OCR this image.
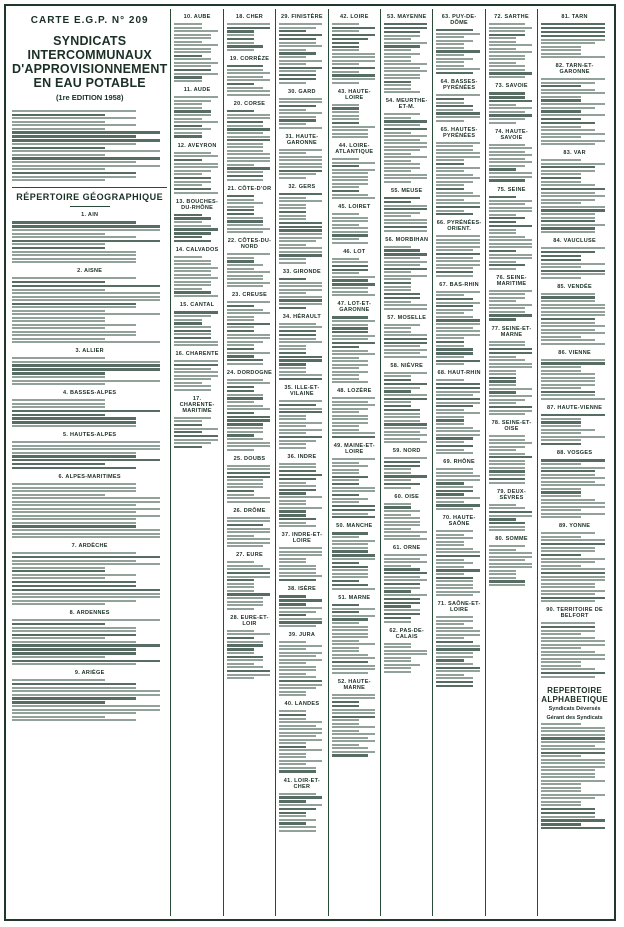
CARTE E.G.P. N° 209
SYNDICATS INTERCOMMUNAUX
D'APPROVISIONNEMENT
EN EAU POTABLE
(1re EDITION 1958)
RÉPERTOIRE GÉOGRAPHIQUE
1. AIN
2. AISNE
3. ALLIER
4. BASSES-ALPES
5. HAUTES-ALPES
6. ALPES-MARITIMES
7. ARDÈCHE
8. ARDENNES
9. ARIÈGE
10. AUBE
11. AUDE
12. AVEYRON
13. BOUCHES-DU-RHÔNE
14. CALVADOS
15. CANTAL
16. CHARENTE
17. CHARENTE-MARITIME
18. CHER
19. CORRÈZE
20. CORSE
21. CÔTE-D'OR
22. CÔTES-DU-NORD
23. CREUSE
24. DORDOGNE
25. DOUBS
26. DRÔME
27. EURE
28. EURE-ET-LOIR
29. FINISTÈRE
30. GARD
31. HAUTE-GARONNE
32. GERS
33. GIRONDE
34. HÉRAULT
35. ILLE-ET-VILAINE
36. INDRE
37. INDRE-ET-LOIRE
38. ISÈRE
39. JURA
40. LANDES
41. LOIR-ET-CHER
42. LOIRE
43. HAUTE-LOIRE
44. LOIRE-ATLANTIQUE
45. LOIRET
46. LOT
47. LOT-ET-GARONNE
48. LOZÈRE
49. MAINE-ET-LOIRE
50. MANCHE
51. MARNE
52. HAUTE-MARNE
53. MAYENNE
54. MEURTHE-ET-M.
55. MEUSE
56. MORBIHAN
57. MOSELLE
58. NIÈVRE
59. NORD
60. OISE
61. ORNE
62. PAS-DE-CALAIS
63. PUY-DE-DÔME
64. BASSES-PYRÉNÉES
65. HAUTES-PYRÉNÉES
66. PYRÉNÉES-ORIENT.
67. BAS-RHIN
68. HAUT-RHIN
69. RHÔNE
70. HAUTE-SAÔNE
71. SAÔNE-ET-LOIRE
72. SARTHE
73. SAVOIE
74. HAUTE-SAVOIE
75. SEINE
76. SEINE-MARITIME
77. SEINE-ET-MARNE
78. SEINE-ET-OISE
79. DEUX-SÈVRES
80. SOMME
81. TARN
82. TARN-ET-GARONNE
83. VAR
84. VAUCLUSE
85. VENDÉE
86. VIENNE
87. HAUTE-VIENNE
88. VOSGES
89. YONNE
90. TERRITOIRE DE BELFORT
REPERTOIRE
ALPHABETIQUE
Syndicats Déversés
Gérant des Syndicats
